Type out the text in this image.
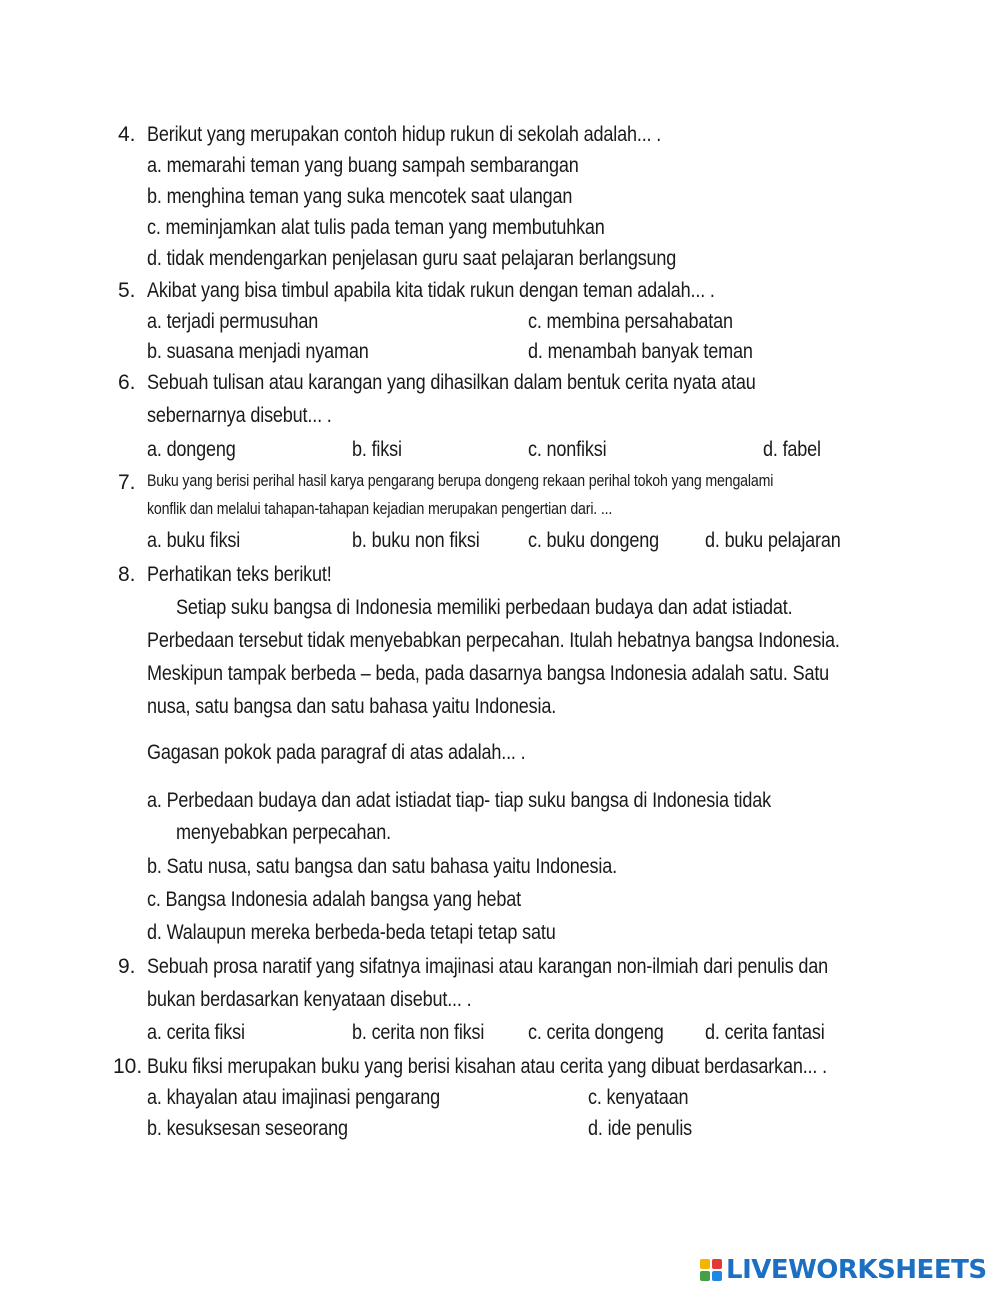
4. Berikut yang merupakan contoh hidup rukun di sekolah adalah... .
a. memarahi teman yang buang sampah sembarangan
b. menghina teman yang suka mencotek saat ulangan
c. meminjamkan alat tulis pada teman yang membutuhkan
d. tidak mendengarkan penjelasan guru saat pelajaran berlangsung
5. Akibat yang bisa timbul apabila kita tidak rukun dengan teman adalah... .
a. terjadi permusuhan	c. membina persahabatan
b. suasana menjadi nyaman	d. menambah banyak teman
6. Sebuah tulisan atau karangan yang dihasilkan dalam bentuk cerita nyata atau
sebernarnya disebut... .
a. dongeng	b. fiksi	c. nonfiksi	d. fabel
7. Buku yang berisi perihal hasil karya pengarang berupa dongeng rekaan perihal tokoh yang mengalami
konflik dan melalui tahapan-tahapan kejadian merupakan pengertian dari. ...
a. buku fiksi	b. buku non fiksi c. buku dongeng d. buku pelajaran
8. Perhatikan teks berikut!
Setiap suku bangsa di Indonesia memiliki perbedaan budaya dan adat istiadat.
Perbedaan tersebut tidak menyebabkan perpecahan. Itulah hebatnya bangsa Indonesia.
Meskipun tampak berbeda – beda, pada dasarnya bangsa Indonesia adalah satu. Satu
nusa, satu bangsa dan satu bahasa yaitu Indonesia.
Gagasan pokok pada paragraf di atas adalah... .
a. Perbedaan budaya dan adat istiadat tiap- tiap suku bangsa di Indonesia tidak
menyebabkan perpecahan.
b. Satu nusa, satu bangsa dan satu bahasa yaitu Indonesia.
c. Bangsa Indonesia adalah bangsa yang hebat
d. Walaupun mereka berbeda-beda tetapi tetap satu
9. Sebuah prosa naratif yang sifatnya imajinasi atau karangan non-ilmiah dari penulis dan
bukan berdasarkan kenyataan disebut... .
a. cerita fiksi	b. cerita non fiksi c. cerita dongeng d. cerita fantasi
10. Buku fiksi merupakan buku yang berisi kisahan atau cerita yang dibuat berdasarkan... .
a. khayalan atau imajinasi pengarang	c. kenyataan
b. kesuksesan seseorang	d. ide penulis
LIVEWORKSHEETS
